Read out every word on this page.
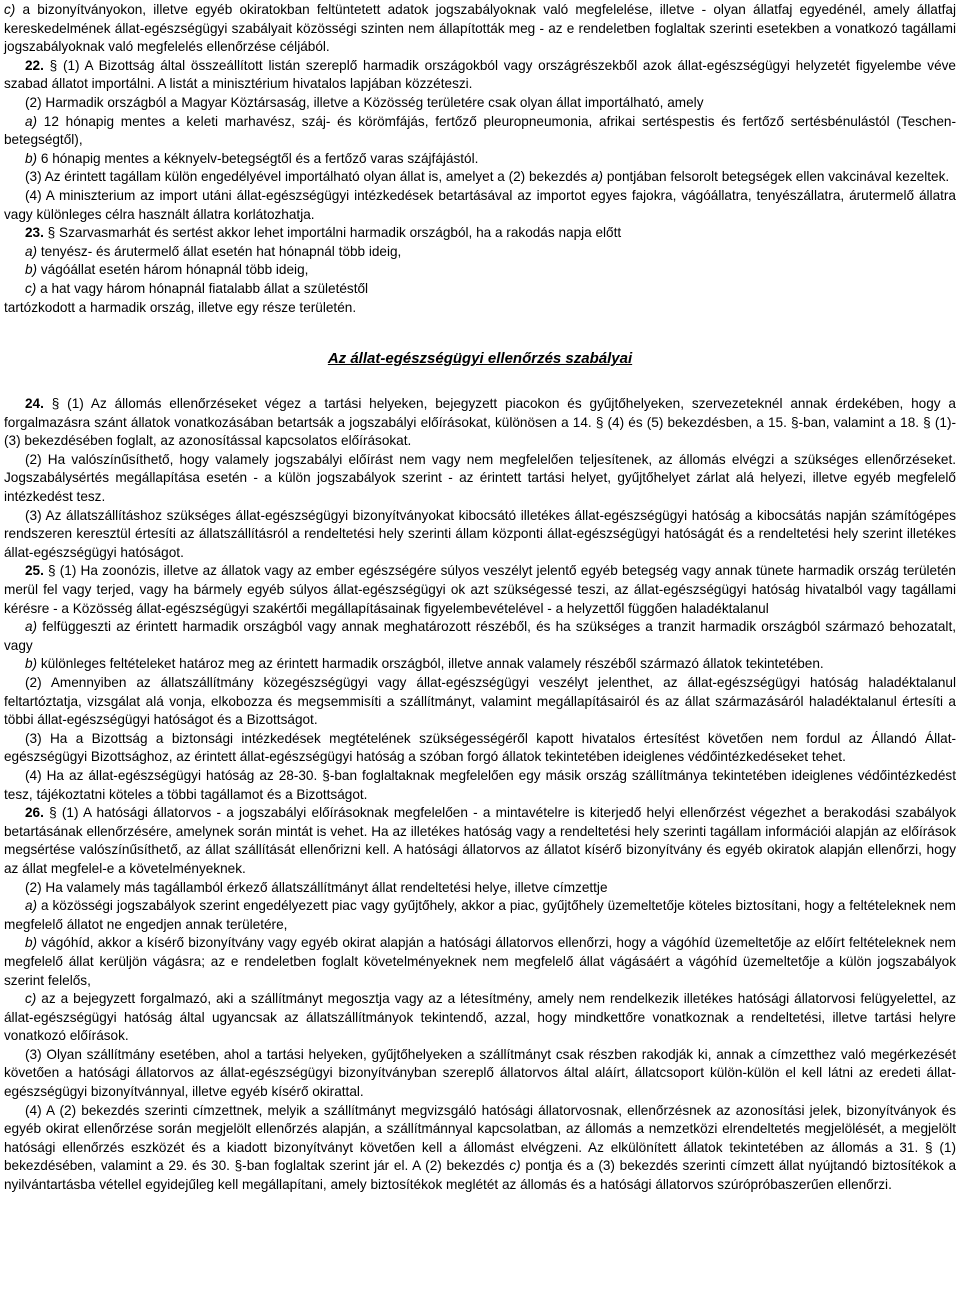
c) a bizonyítványokon, illetve egyéb okiratokban feltüntetett adatok jogszabályoknak való megfelelése, illetve - olyan állatfaj egyedénél, amely állatfaj kereskedelmének állat-egészségügyi szabályait közösségi szinten nem állapították meg - az e rendeletben foglaltak szerinti esetekben a vonatkozó tagállami jogszabályoknak való megfelelés ellenőrzése céljából.

22. § (1) A Bizottság által összeállított listán szereplő harmadik országokból vagy országrészekből azok állat-egészségügyi helyzetét figyelembe véve szabad állatot importálni. A listát a minisztérium hivatalos lapjában közzéteszi.

(2) Harmadik országból a Magyar Köztársaság, illetve a Közösség területére csak olyan állat importálható, amely

a) 12 hónapig mentes a keleti marhavész, száj- és körömfájás, fertőző pleuropneumonia, afrikai sertéspestis és fertőző sertésbénulástól (Teschen-betegségtől),

b) 6 hónapig mentes a kéknyelv-betegségtől és a fertőző varas szájfájástól.

(3) Az érintett tagállam külön engedélyével importálható olyan állat is, amelyet a (2) bekezdés a) pontjában felsorolt betegségek ellen vakcinával kezeltek.

(4) A miniszterium az import utáni állat-egészségügyi intézkedések betartásával az importot egyes fajokra, vágóállatra, tenyészállatra, árutermelő állatra vagy különleges célra használt állatra korlátozhatja.

23. § Szarvasmarhát és sertést akkor lehet importálni harmadik országból, ha a rakodás napja előtt

a) tenyész- és árutermelő állat esetén hat hónapnál több ideig,

b) vágóállat esetén három hónapnál több ideig,

c) a hat vagy három hónapnál fiatalabb állat a születéstől

tartózkodott a harmadik ország, illetve egy része területén.

Az állat-egészségügyi ellenőrzés szabályai

24. § (1) Az állomás ellenőrzéseket végez a tartási helyeken, bejegyzett piacokon és gyűjtőhelyeken, szervezeteknél annak érdekében, hogy a forgalmazásra szánt állatok vonatkozásában betartsák a jogszabályi előírásokat, különösen a 14. § (4) és (5) bekezdésben, a 15. §-ban, valamint a 18. § (1)-(3) bekezdésében foglalt, az azonosítással kapcsolatos előírásokat.

(2) Ha valószínűsíthető, hogy valamely jogszabályi előírást nem vagy nem megfelelően teljesítenek, az állomás elvégzi a szükséges ellenőrzéseket. Jogszabálysértés megállapítása esetén - a külön jogszabályok szerint - az érintett tartási helyet, gyűjtőhelyet zárlat alá helyezi, illetve egyéb megfelelő intézkedést tesz.

(3) Az állatszállításhoz szükséges állat-egészségügyi bizonyítványokat kibocsátó illetékes állat-egészségügyi hatóság a kibocsátás napján számítógépes rendszeren keresztül értesíti az állatszállításról a rendeltetési hely szerinti állam központi állat-egészségügyi hatóságát és a rendeltetési hely szerint illetékes állat-egészségügyi hatóságot.

25. § (1) Ha zoonózis, illetve az állatok vagy az ember egészségére súlyos veszélyt jelentő egyéb betegség vagy annak tünete harmadik ország területén merül fel vagy terjed, vagy ha bármely egyéb súlyos állat-egészségügyi ok azt szükségessé teszi, az állat-egészségügyi hatóság hivatalból vagy tagállami kérésre - a Közösség állat-egészségügyi szakértői megállapításainak figyelembevételével - a helyzettől függően haladéktalanul

a) felfüggeszti az érintett harmadik országból vagy annak meghatározott részéből, és ha szükséges a tranzit harmadik országból származó behozatalt, vagy

b) különleges feltételeket határoz meg az érintett harmadik országból, illetve annak valamely részéből származó állatok tekintetében.

(2) Amennyiben az állatszállítmány közegészségügyi vagy állat-egészségügyi veszélyt jelenthet, az állat-egészségügyi hatóság haladéktalanul feltartóztatja, vizsgálat alá vonja, elkobozza és megsemmisíti a szállítmányt, valamint megállapításairól és az állat származásáról haladéktalanul értesíti a többi állat-egészségügyi hatóságot és a Bizottságot.

(3) Ha a Bizottság a biztonsági intézkedések megtételének szükségességéről kapott hivatalos értesítést követően nem fordul az Állandó Állat-egészségügyi Bizottsághoz, az érintett állat-egészségügyi hatóság a szóban forgó állatok tekintetében ideiglenes védőintézkedéseket tehet.

(4) Ha az állat-egészségügyi hatóság az 28-30. §-ban foglaltaknak megfelelően egy másik ország szállítmánya tekintetében ideiglenes védőintézkedést tesz, tájékoztatni köteles a többi tagállamot és a Bizottságot.

26. § (1) A hatósági állatorvos - a jogszabályi előírásoknak megfelelően - a mintavételre is kiterjedő helyi ellenőrzést végezhet a berakodási szabályok betartásának ellenőrzésére, amelynek során mintát is vehet. Ha az illetékes hatóság vagy a rendeltetési hely szerinti tagállam információi alapján az előírások megsértése valószínűsíthető, az állat szállítását ellenőrizni kell. A hatósági állatorvos az állatot kísérő bizonyítvány és egyéb okiratok alapján ellenőrzi, hogy az állat megfelel-e a követelményeknek.

(2) Ha valamely más tagállamból érkező állatszállítmányt állat rendeltetési helye, illetve címzettje

a) a közösségi jogszabályok szerint engedélyezett piac vagy gyűjtőhely, akkor a piac, gyűjtőhely üzemeltetője köteles biztosítani, hogy a feltételeknek nem megfelelő állatot ne engedjen annak területére,

b) vágóhíd, akkor a kísérő bizonyítvány vagy egyéb okirat alapján a hatósági állatorvos ellenőrzi, hogy a vágóhíd üzemeltetője az előírt feltételeknek nem megfelelő állat kerüljön vágásra; az e rendeletben foglalt követelményeknek nem megfelelő állat vágásáért a vágóhíd üzemeltetője a külön jogszabályok szerint felelős,

c) az a bejegyzett forgalmazó, aki a szállítmányt megosztja vagy az a létesítmény, amely nem rendelkezik illetékes hatósági állatorvosi felügyelettel, az állat-egészségügyi hatóság által ugyancsak az állatszállítmányok tekintendő, azzal, hogy mindkettőre vonatkoznak a rendeltetési, illetve tartási helyre vonatkozó előírások.

(3) Olyan szállítmány esetében, ahol a tartási helyeken, gyűjtőhelyeken a szállítmányt csak részben rakodják ki, annak a címzetthez való megérkezését követően a hatósági állatorvos az állat-egészségügyi bizonyítványban szereplő állatorvos által aláírt, állatcsoport külön-külön el kell látni az eredeti állat-egészségügyi bizonyítvánnyal, illetve egyéb kísérő okirattal.

(4) A (2) bekezdés szerinti címzettnek, melyik a szállítmányt megvizsgáló hatósági állatorvosnak, ellenőrzésnek az azonosítási jelek, bizonyítványok és egyéb okirat ellenőrzése során megjelölt ellenőrzés alapján, a szállítmánnyal kapcsolatban, az állomás a nemzetközi elrendeltetés megjelölését, a megjelölt hatósági ellenőrzés eszközét és a kiadott bizonyítványt követően kell a állomást elvégzeni. Az elkülönített állatok tekintetében az állomás a 31. § (1) bekezdésében, valamint a 29. és 30. §-ban foglaltak szerint jár el. A (2) bekezdés c) pontja és a (3) bekezdés szerinti címzett állat nyújtandó biztosítékok a nyilvántartásba vétellel egyidejűleg kell megállapítani, amely biztosítékok meglétét az állomás és a hatósági állatorvos szúrópróbaszerűen ellenőrzi.
